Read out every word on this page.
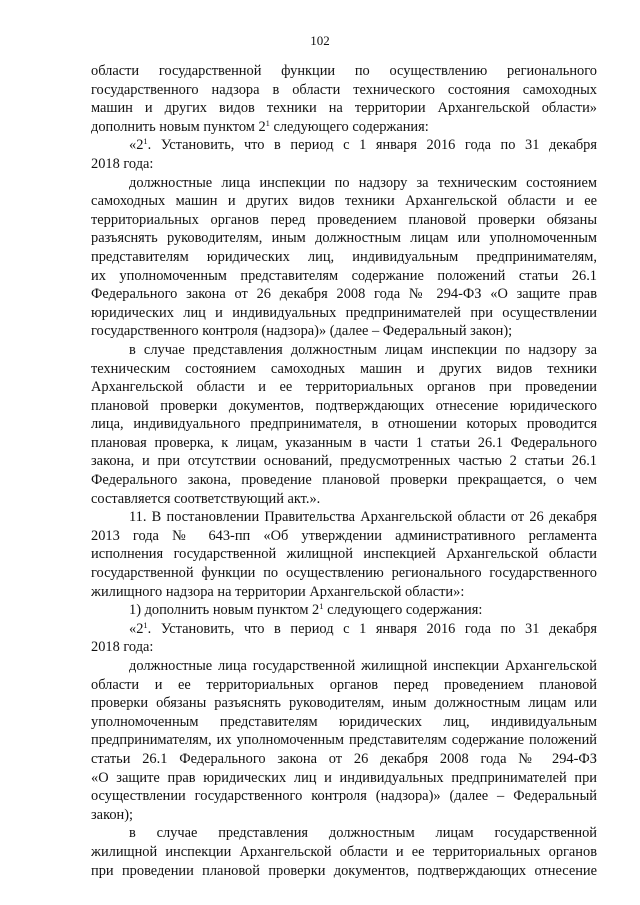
102
области государственной функции по осуществлению регионального
государственного надзора в области технического состояния самоходных
машин и других видов техники на территории Архангельской области»
дополнить новым пунктом $2^1$ следующего содержания:
«$2^1$. Установить, что в период с 1 января 2016 года по 31 декабря
2018 года:
должностные лица инспекции по надзору за техническим состоянием
самоходных машин и других видов техники Архангельской области и ее
территориальных органов перед проведением плановой проверки обязаны
разъяснять руководителям, иным должностным лицам или уполномоченным
представителям юридических лиц, индивидуальным предпринимателям,
их уполномоченным представителям содержание положений статьи 26.1
Федерального закона от 26 декабря 2008 года № 294-ФЗ «О защите прав
юридических лиц и индивидуальных предпринимателей при осуществлении
государственного контроля (надзора)» (далее – Федеральный закон);
в случае представления должностным лицам инспекции по надзору за
техническим состоянием самоходных машин и других видов техники
Архангельской области и ее территориальных органов при проведении
плановой проверки документов, подтверждающих отнесение юридического
лица, индивидуального предпринимателя, в отношении которых проводится
плановая проверка, к лицам, указанным в части 1 статьи 26.1 Федерального
закона, и при отсутствии оснований, предусмотренных частью 2 статьи 26.1
Федерального закона, проведение плановой проверки прекращается, о чем
составляется соответствующий акт.».
11. В постановлении Правительства Архангельской области от 26 декабря
2013 года № 643-пп «Об утверждении административного регламента
исполнения государственной жилищной инспекцией Архангельской области
государственной функции по осуществлению регионального государственного
жилищного надзора на территории Архангельской области»:
1) дополнить новым пунктом $2^1$ следующего содержания:
«$2^1$. Установить, что в период с 1 января 2016 года по 31 декабря
2018 года:
должностные лица государственной жилищной инспекции Архангельской
области и ее территориальных органов перед проведением плановой
проверки обязаны разъяснять руководителям, иным должностным лицам или
уполномоченным представителям юридических лиц, индивидуальным
предпринимателям, их уполномоченным представителям содержание положений
статьи 26.1 Федерального закона от 26 декабря 2008 года № 294-ФЗ
«О защите прав юридических лиц и индивидуальных предпринимателей при
осуществлении государственного контроля (надзора)» (далее – Федеральный
закон);
в случае представления должностным лицам государственной
жилищной инспекции Архангельской области и ее территориальных органов
при проведении плановой проверки документов, подтверждающих отнесение
